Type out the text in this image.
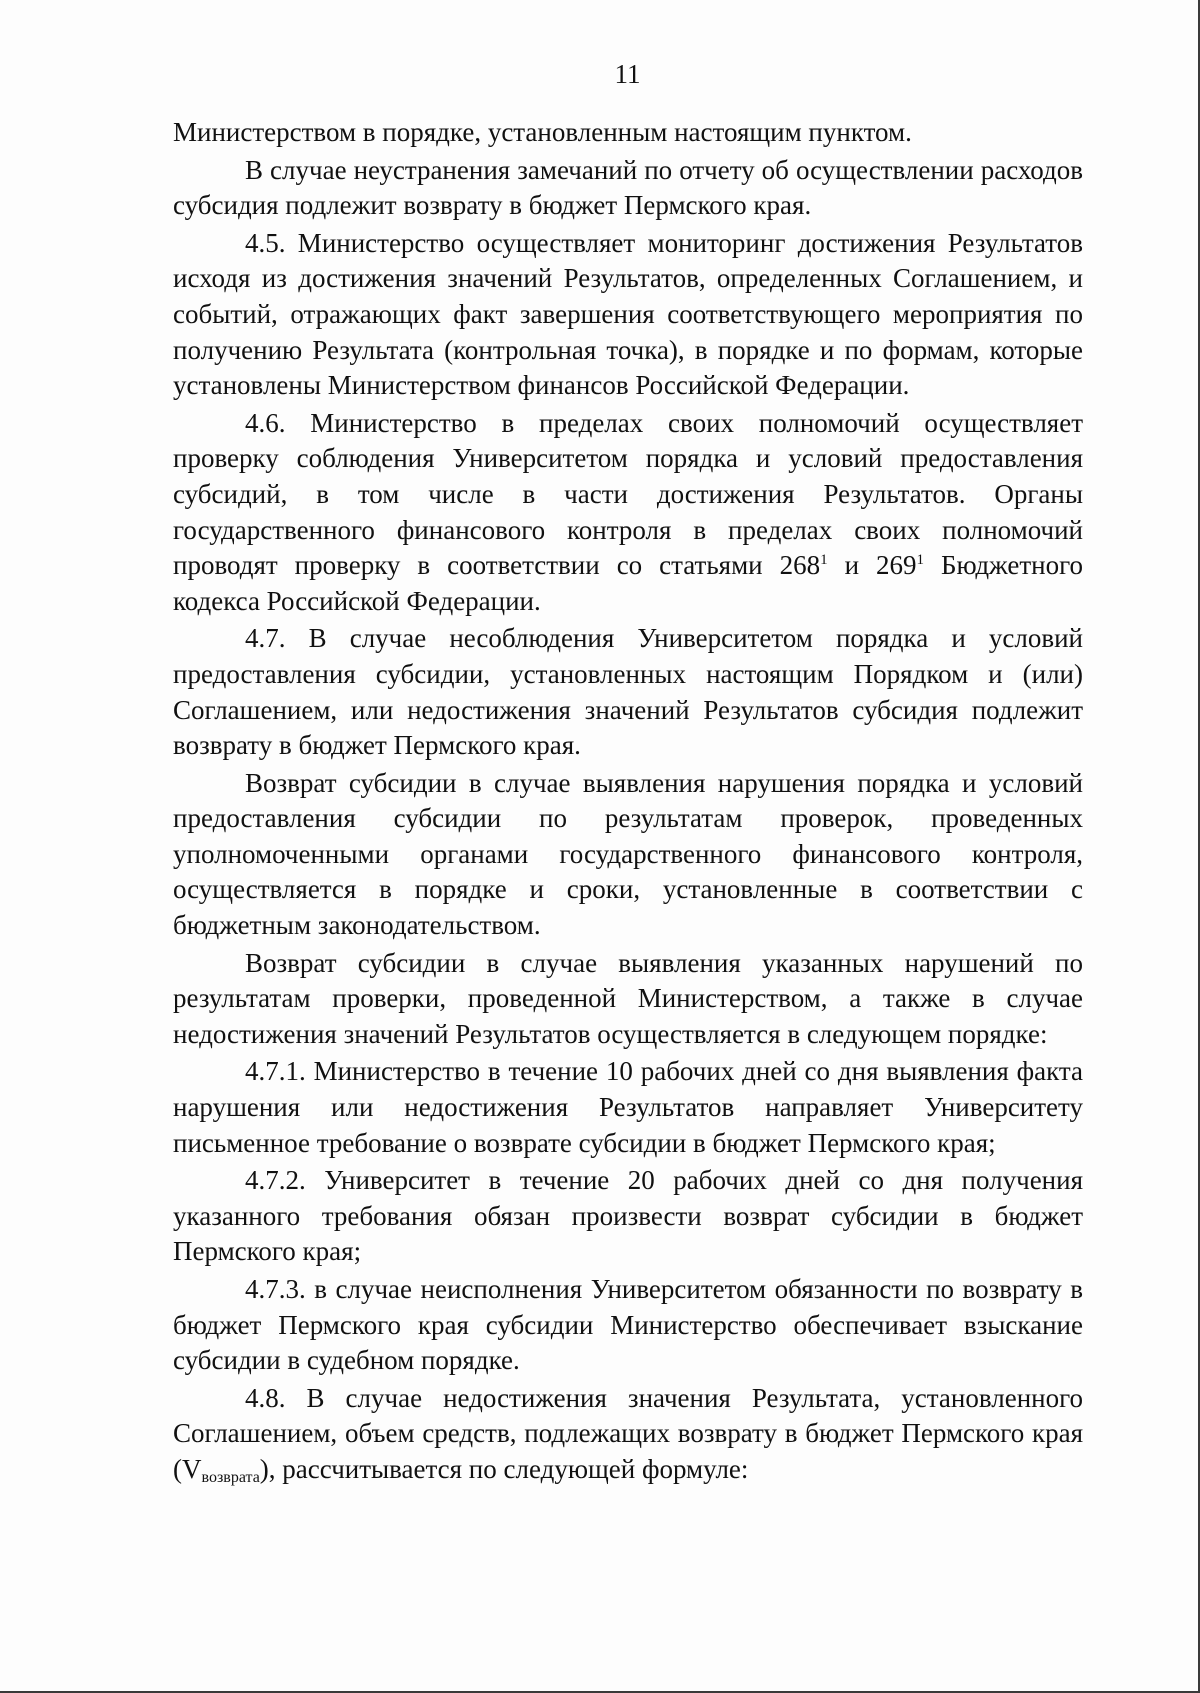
11

Министерством в порядке, установленным настоящим пунктом.

В случае неустранения замечаний по отчету об осуществлении расходов субсидия подлежит возврату в бюджет Пермского края.

4.5. Министерство осуществляет мониторинг достижения Результатов исходя из достижения значений Результатов, определенных Соглашением, и событий, отражающих факт завершения соответствующего мероприятия по получению Результата (контрольная точка), в порядке и по формам, которые установлены Министерством финансов Российской Федерации.

4.6. Министерство в пределах своих полномочий осуществляет проверку соблюдения Университетом порядка и условий предоставления субсидий, в том числе в части достижения Результатов. Органы государственного финансового контроля в пределах своих полномочий проводят проверку в соответствии со статьями $268^1$ и $269^1$ Бюджетного кодекса Российской Федерации.

4.7. В случае несоблюдения Университетом порядка и условий предоставления субсидии, установленных настоящим Порядком и (или) Соглашением, или недостижения значений Результатов субсидия подлежит возврату в бюджет Пермского края.

Возврат субсидии в случае выявления нарушения порядка и условий предоставления субсидии по результатам проверок, проведенных уполномоченными органами государственного финансового контроля, осуществляется в порядке и сроки, установленные в соответствии с бюджетным законодательством.

Возврат субсидии в случае выявления указанных нарушений по результатам проверки, проведенной Министерством, а также в случае недостижения значений Результатов осуществляется в следующем порядке:

4.7.1. Министерство в течение 10 рабочих дней со дня выявления факта нарушения или недостижения Результатов направляет Университету письменное требование о возврате субсидии в бюджет Пермского края;

4.7.2. Университет в течение 20 рабочих дней со дня получения указанного требования обязан произвести возврат субсидии в бюджет Пермского края;

4.7.3. в случае неисполнения Университетом обязанности по возврату в бюджет Пермского края субсидии Министерство обеспечивает взыскание субсидии в судебном порядке.

4.8. В случае недостижения значения Результата, установленного Соглашением, объем средств, подлежащих возврату в бюджет Пермского края $(V_{возврата})$, рассчитывается по следующей формуле:
